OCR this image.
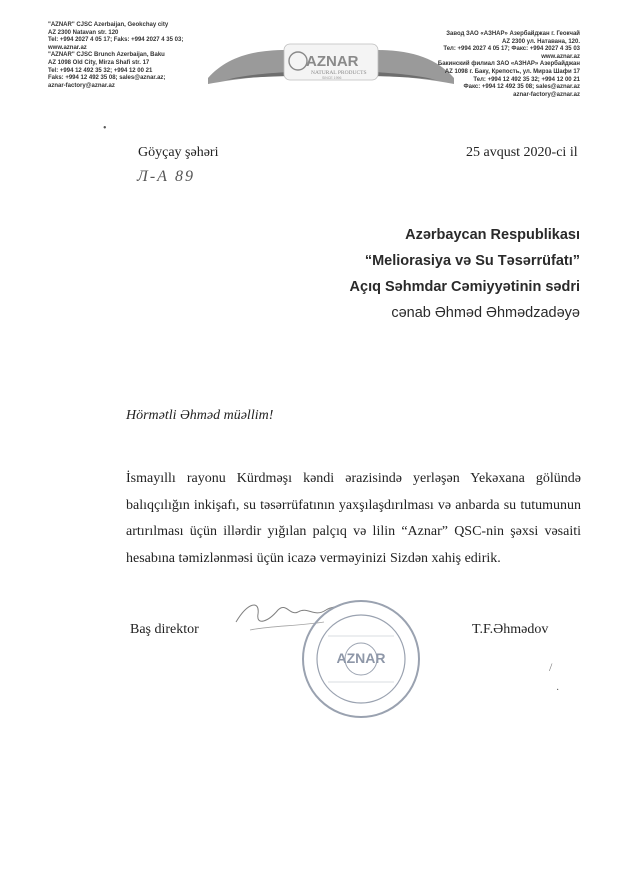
"AZNAR" CJSC Azerbaijan, Geokchay city
AZ 2300 Natavan str. 120
Tel: +994 2027 4 05 17; Faks: +994 2027 4 35 03;
www.aznar.az
"AZNAR" CJSC Brunch Azerbaijan, Baku
AZ 1098 Old City, Mirza Shafi str. 17
Tel: +994 12 492 35 32; +994 12 00 21
Faks: +994 12 492 35 08; sales@aznar.az;
aznar-factory@aznar.az
AZNAR
NATURAL PRODUCTS
SINCE 1996
Завод ЗАО «АЗНАР» Азербайджан г. Геокчай
AZ 2300 ул. Натавана, 120.
Тел: +994 2027 4 05 17; Факс: +994 2027 4 35 03
www.aznar.az
Бакинский филиал ЗАО «АЗНАР» Азербайджан
AZ 1098 г. Баку, Крепость, ул. Мирза Шафи 17
Тел: +994 12 492 35 32; +994 12 00 21
Факс: +994 12 492 35 08; sales@aznar.az
aznar-factory@aznar.az
•
Göyçay şəhəri	25 avqust 2020-ci il
Л-А 89
Azərbaycan Respublikası
“Meliorasiya və Su Təsərrüfatı”
Açıq Səhmdar Cəmiyyətinin sədri
cənab Əhməd Əhmədzadəyə
Hörmətli Əhməd müəllim!
İsmayıllı rayonu Kürdməşı kəndi ərazisində yerləşən Yekəxana gölündə balıqçılığın inkişafı, su təsərrüfatının yaxşılaşdırılması və anbarda su tutumunun artırılması üçün illərdir yığılan palçıq və lilin “Aznar” QSC-nin şəxsi vəsaiti hesabına təmizlənməsi üçün icazə verməyinizi Sizdən xahiş edirik.
AZNAR
Baş direktor	T.F.Əhmədov
/
·
